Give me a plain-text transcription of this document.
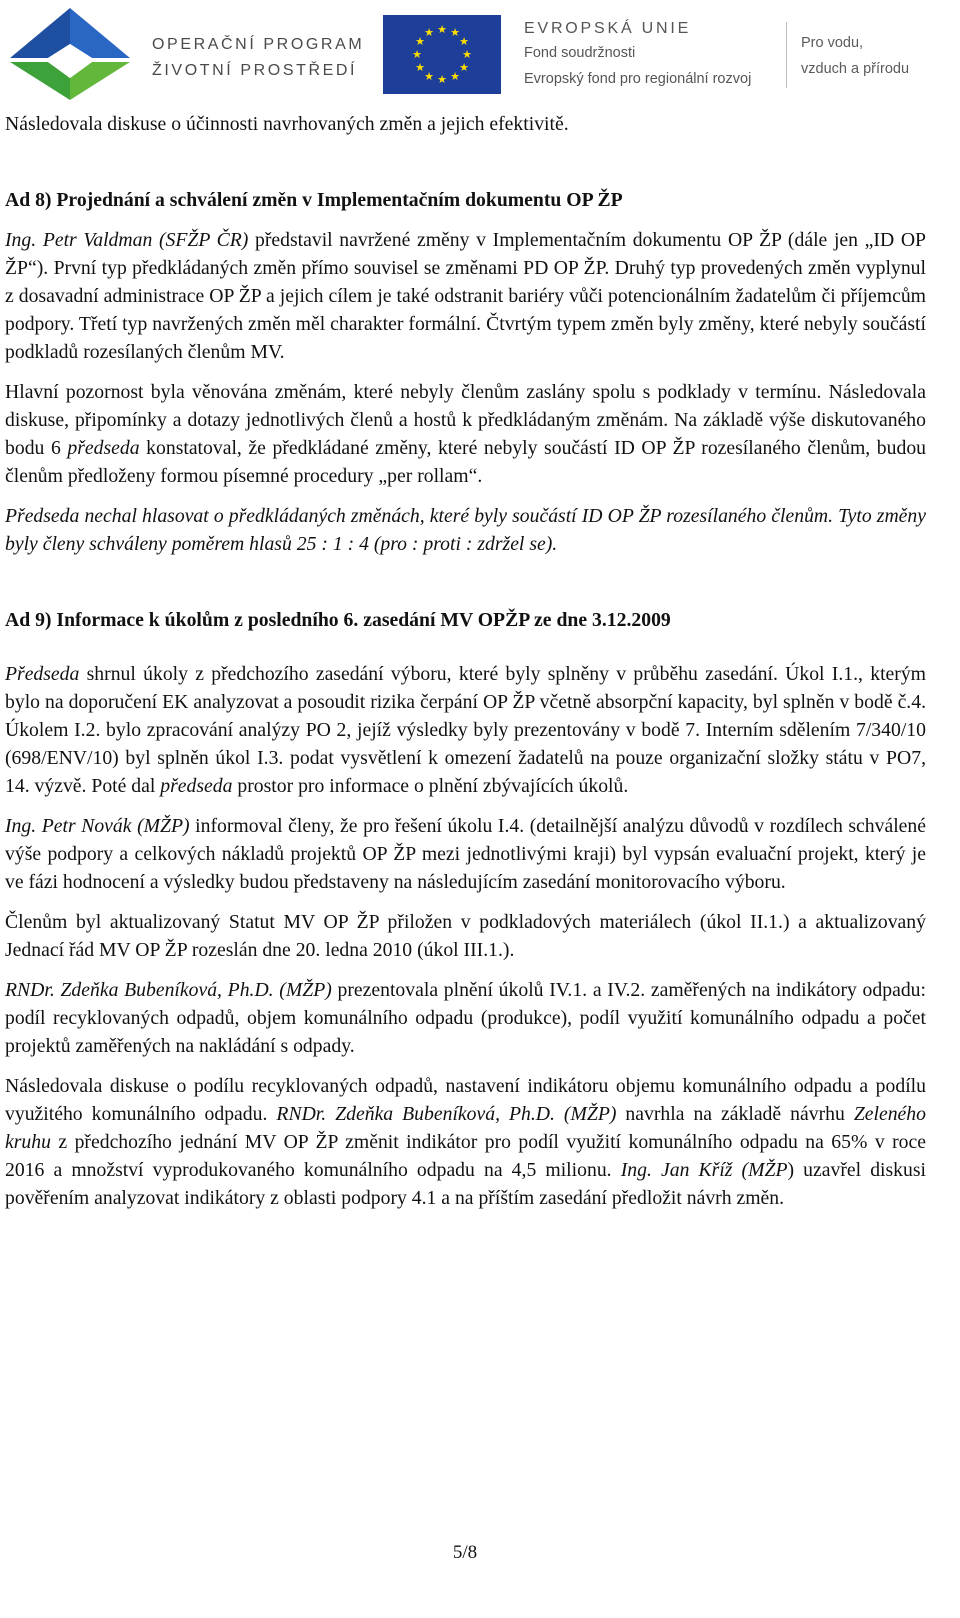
OPERAČNÍ PROGRAM
ŽIVOTNÍ PROSTŘEDÍ
★ ★
★
★
★
★
★
★
★
★
★
★	EVROPSKÁ UNIE
Fond soudržnosti
Evropský fond pro regionální rozvoj
Pro vodu,
vzduch a přírodu

Následovala diskuse o účinnosti navrhovaných změn a jejich efektivitě.

Ad 8) Projednání a schválení změn v Implementačním dokumentu OP ŽP

Ing. Petr Valdman (SFŽP ČR) představil navržené změny v Implementačním dokumentu OP ŽP (dále jen „ID OP ŽP“). První typ předkládaných změn přímo souvisel se změnami PD OP ŽP. Druhý typ provedených změn vyplynul z dosavadní administrace OP ŽP a jejich cílem je také odstranit bariéry vůči potencionálním žadatelům či příjemcům podpory. Třetí typ navržených změn měl charakter formální. Čtvrtým typem změn byly změny, které nebyly součástí podkladů rozesílaných členům MV.

Hlavní pozornost byla věnována změnám, které nebyly členům zaslány spolu s podklady v termínu. Následovala diskuse, připomínky a dotazy jednotlivých členů a hostů k předkládaným změnám. Na základě výše diskutovaného bodu 6 předseda konstatoval, že předkládané změny, které nebyly součástí ID OP ŽP rozesílaného členům, budou členům předloženy formou písemné procedury „per rollam“.

Předseda nechal hlasovat o předkládaných změnách, které byly součástí ID OP ŽP rozesílaného členům. Tyto změny byly členy schváleny poměrem hlasů 25 : 1 : 4 (pro : proti : zdržel se).

Ad 9) Informace k úkolům z posledního 6. zasedání MV OPŽP ze dne 3.12.2009

Předseda shrnul úkoly z předchozího zasedání výboru, které byly splněny v průběhu zasedání. Úkol I.1., kterým bylo na doporučení EK analyzovat a posoudit rizika čerpání OP ŽP včetně absorpční kapacity, byl splněn v bodě č.4. Úkolem I.2. bylo zpracování analýzy PO 2, jejíž výsledky byly prezentovány v bodě 7. Interním sdělením 7/340/10 (698/ENV/10) byl splněn úkol I.3. podat vysvětlení k omezení žadatelů na pouze organizační složky státu v PO7, 14. výzvě. Poté dal předseda prostor pro informace o plnění zbývajících úkolů.

Ing. Petr Novák (MŽP) informoval členy, že pro řešení úkolu I.4. (detailnější analýzu důvodů v rozdílech schválené výše podpory a celkových nákladů projektů OP ŽP mezi jednotlivými kraji) byl vypsán evaluační projekt, který je ve fázi hodnocení a výsledky budou představeny na následujícím zasedání monitorovacího výboru.

Členům byl aktualizovaný Statut MV OP ŽP přiložen v podkladových materiálech (úkol II.1.) a aktualizovaný Jednací řád MV OP ŽP rozeslán dne 20. ledna 2010 (úkol III.1.).

RNDr. Zdeňka Bubeníková, Ph.D. (MŽP) prezentovala plnění úkolů IV.1. a IV.2. zaměřených na indikátory odpadu: podíl recyklovaných odpadů, objem komunálního odpadu (produkce), podíl využití komunálního odpadu a počet projektů zaměřených na nakládání s odpady.

Následovala diskuse o podílu recyklovaných odpadů, nastavení indikátoru objemu komunálního odpadu a podílu využitého komunálního odpadu. RNDr. Zdeňka Bubeníková, Ph.D. (MŽP) navrhla na základě návrhu Zeleného kruhu z předchozího jednání MV OP ŽP změnit indikátor pro podíl využití komunálního odpadu na 65% v roce 2016 a množství vyprodukovaného komunálního odpadu na 4,5 milionu. Ing. Jan Kříž (MŽP) uzavřel diskusi pověřením analyzovat indikátory z oblasti podpory 4.1 a na příštím zasedání předložit návrh změn.

5/8
